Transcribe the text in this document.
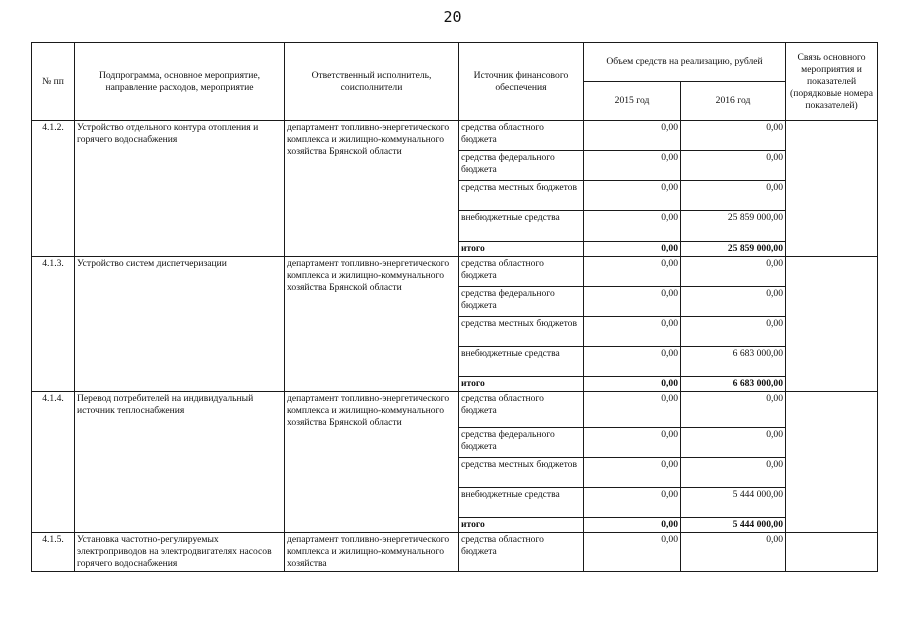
20
№ пп	Подпрограмма, основное мероприятие, направление расходов, мероприятие	Ответственный исполнитель, соисполнители	Источник финансового обеспечения	Объем средств на реализацию, рублей		Связь основного мероприятия и показателей (порядковые номера показателей)
				2015 год	2016 год	
4.1.2.	Устройство отдельного контура отопления и горячего водоснабжения	департамент топливно-энергетического комплекса и жилищно-коммунального хозяйства Брянской области	средства областного бюджета	0,00	0,00	
			средства федерального бюджета	0,00	0,00	
			средства местных бюджетов	0,00	0,00	
			внебюджетные средства	0,00	25 859 000,00	
			итого	0,00	25 859 000,00	
4.1.3.	Устройство систем диспетчеризации	департамент топливно-энергетического комплекса и жилищно-коммунального хозяйства Брянской области	средства областного бюджета	0,00	0,00	
			средства федерального бюджета	0,00	0,00	
			средства местных бюджетов	0,00	0,00	
			внебюджетные средства	0,00	6 683 000,00	
			итого	0,00	6 683 000,00	
4.1.4.	Перевод потребителей на индивидуальный источник теплоснабжения	департамент топливно-энергетического комплекса и жилищно-коммунального хозяйства Брянской области	средства областного бюджета	0,00	0,00	
			средства федерального бюджета	0,00	0,00	
			средства местных бюджетов	0,00	0,00	
			внебюджетные средства	0,00	5 444 000,00	
			итого	0,00	5 444 000,00	
4.1.5.	Установка частотно-регулируемых электроприводов на электродвигателях насосов горячего водоснабжения	департамент топливно-энергетического комплекса и жилищно-коммунального хозяйства	средства областного бюджета	0,00	0,00	
